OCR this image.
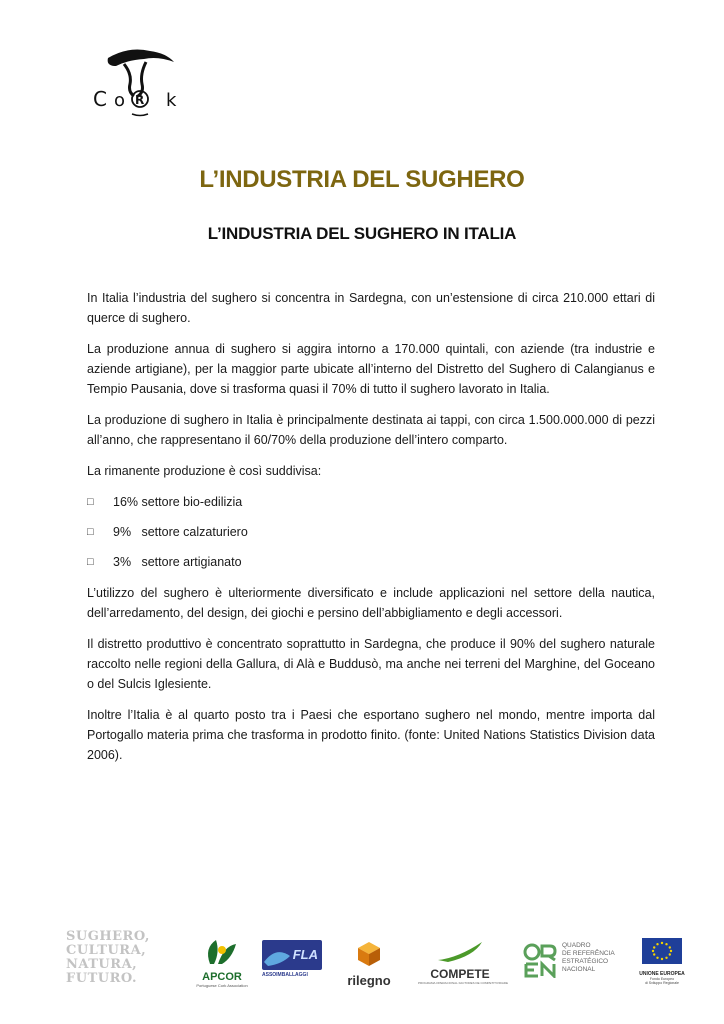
C o R k
L’INDUSTRIA DEL SUGHERO
L’INDUSTRIA DEL SUGHERO IN ITALIA

In Italia l’industria del sughero si concentra in Sardegna, con un’estensione di circa 210.000 ettari di querce di sughero.

La produzione annua di sughero si aggira intorno a 170.000 quintali, con aziende (tra industrie e aziende artigiane), per la maggior parte ubicate all’interno del Distretto del Sughero di Calangianus e Tempio Pausania, dove si trasforma quasi il 70% di tutto il sughero lavorato in Italia.

La produzione di sughero in Italia è principalmente destinata ai tappi, con circa 1.500.000.000 di pezzi all’anno, che rappresentano il 60/70% della produzione dell’intero comparto.

La rimanente produzione è così suddivisa:

□	16% settore bio-edilizia
□	9%   settore calzaturiero
□	3%   settore artigianato

L’utilizzo del sughero è ulteriormente diversificato e include applicazioni nel settore della nautica, dell’arredamento, del design, dei giochi e persino dell’abbigliamento e degli accessori.

Il distretto produttivo è concentrato soprattutto in Sardegna, che produce il 90% del sughero naturale raccolto nelle regioni della Gallura, di Alà e Buddusò, ma anche nei terreni del Marghine, del Goceano o del Sulcis Iglesiente.

Inoltre l’Italia è al quarto posto tra i Paesi che esportano sughero nel mondo, mentre importa dal Portogallo materia prima che trasforma in prodotto finito. (fonte: United Nations Statistics Division data 2006).

SUGHERO,
CULTURA,
NATURA,
FUTURO.	APCOR
Portuguese Cork Association
FLA
ASSOIMBALLAGGI	rilegno	COMPETE
PROGRAMA OPERACIONAL FACTORES DE COMPETITIVIDADE
QUADRO
DE REFERÊNCIA
ESTRATÉGICO
NACIONAL
UNIONE EUROPEA
Fondo Europeo
di Sviluppo Regionale
